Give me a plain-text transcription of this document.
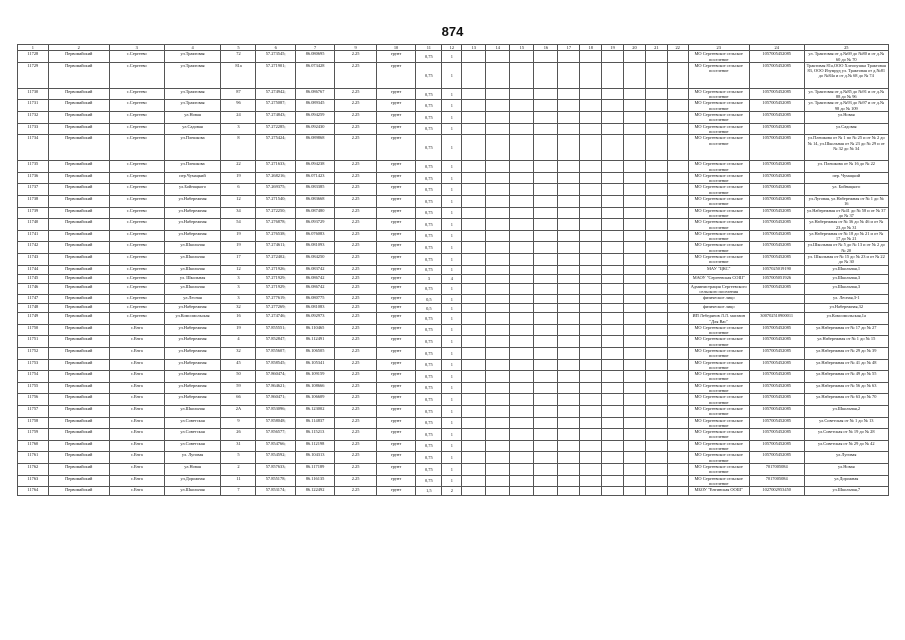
874
1	2	3	4	5	6	7	9	10	11	12	13	14	15	16	17	18	19	20	21	22	23	24	25
11728	Первомайский	с.Сергеево	ул.Трактовая	72	57.273545;	86.080695	2.25	грунт	0,75	1											МО Сергеевское сельское поселение	1057005452085	ул. Трактовая от д.№69 до №80 и от д.№ 60 до № 70
11729	Первомайский	с.Сергеево	ул.Трактовая	81а	57.271901;	86.073428	2.25	грунт	0,75	1											МО Сергеевское сельское поселение	1057005452085	Трактовая 81а,ООО Хлеопушка Трактовая 83, ООО Изумруд ул. Трактовая от д.№81 до №84а и от д.№ 68 до № 74
11730	Первомайский	с.Сергеево	ул.Трактовая	87	57.274942;	86.086767	2.25	грунт	0,75	1											МО Сергеевское сельское поселение	1057005452085	ул. Трактовая от д.№85 до №91 и от д.№ 88 до № 96
11731	Первомайский	с.Сергеево	ул.Трактовая	96	57.275087;	86.089345	2.25	грунт	0,75	1											МО Сергеевское сельское поселение	1057005452085	ул. Трактовая от д.№93 до №97 и от д.№ 98 до № 109
11732	Первомайский	с.Сергеево	ул.Новая	24	57.274843;	86.094259	2.25	грунт	0,75	1											МО Сергеевское сельское поселение	1057005452085	ул.Новая
11733	Первомайский	с.Сергеево	ул.Садовая	3	57.272285;	86.092430	2.25	грунт	0,75	1											МО Сергеевское сельское поселение	1057005452085	ул.Садовая
11734	Первомайский	с.Сергеево	ул.Плешкова	8	57.275424;	86.089868	2.25	грунт	0,75	1											МО Сергеевское сельское поселение	1057005452085	ул.Плешкова от № 1 по № 25 и от № 2 до № 14, ул.Школьная от № 23 до № 29 и от № 32 до № 34
11735	Первомайский	с.Сергеево	ул.Плешкова	22	57.271633;	86.094238	2.25	грунт	0,75	1											МО Сергеевское сельское поселение	1057005452085	ул. Плешкова от № 16 до № 22
11736	Первомайский	с.Сергеево	пер.Чумацкий	19	57.268216;	86.071423	2.25	грунт	0,75	1											МО Сергеевское сельское поселение	1057005452085	пер. Чумацкий
11737	Первомайский	с.Сергеево	ул.Бойнацкого	6	57.269375;	86.083385	2.25	грунт	0,75	1											МО Сергеевское сельское поселение	1057005452085	ул. Бойнацкого
11738	Первомайский	с.Сергеево	ул.Набережная	12	57.271540;	86.083668	2.25	грунт	0,75	1											МО Сергеевское сельское поселение	1057005452085	ул.Луговая, ул.Набережная от № 1 до № 16
11739	Первомайский	с.Сергеево	ул.Набережная	34	57.272250;	86.087480	2.25	грунт	0,75	1											МО Сергеевское сельское поселение	1057005452085	ул.Набережная от №41 до № 58 и от № 37 до № 37
11740	Первомайский	с.Сергеево	ул.Набережная	54	57.276878;	86.093729	2.25	грунт	0,75	1											МО Сергеевское сельское поселение	1057005452085	ул.Набережная от № 36 до № 46 и от № 23 до № 31
11741	Первомайский	с.Сергеево	ул.Набережная	19	57.276538;	86.076083	2.25	грунт	0,75	1											МО Сергеевское сельское поселение	1057005452085	ул.Набережная от № 18 до № 21 и от № 17 до № 21
11742	Первомайский	с.Сергеево	ул.Школьная	19	57.274611;	86.081093	2.25	грунт	0,75	1											МО Сергеевское сельское поселение	1057005452085	ул.Школьная от № 5 до № 13 и от № 2 до № 20
11743	Первомайский	с.Сергеево	ул.Школьная	17	57.272402;	86.084250	2.25	грунт	0,75	1											МО Сергеевское сельское поселение	1057005452085	ул. Школьная от № 15 до № 23 и от № 22 до № 30
11744	Первомайский	с.Сергеево	ул.Школьная	12	57.271926;	86.083742	2.25	грунт	0,75	1											МАУ "ЦКС"	1057025019190	ул.Школьная,1
11745	Первомайский	с.Сергеево	ул. Школьная	3	57.271929;	86.086742	2.25	грунт	3	4											МАОУ "Сергеевская СОШ"	1057005051926	ул.Школьная,3
11746	Первомайский	с.Сергеево	ул.Школьная	3	57.271929;	86.086742	2.25	грунт	0,75	1											Администрация Сергеевского сельского поселения	1057005452085	ул.Школьная,3
11747	Первомайский	с.Сергеево	ул.Лесная	3	57.277619;	86.080775	2.25	грунт	0,5	1											физическое лицо		ул. Лесная,3-1
11748	Первомайский	с.Сергеево	ул.Набережная	32	57.277269;	86.081083	2.25	грунт	0,5	1											физическое лицо		ул.Набережная,32
11749	Первомайский	с.Сергеево	ул.Комсомольская	16	57.274746;	86.092973	2.25	грунт	0,75	1											ИП Лебедянов Л.Л. магазин "Для Вас"	300702510900011	ул.Комсомольская,1а
11750	Первомайский	с.Енга	ул.Набережная	19	57.855551;	86.110465	2.25	грунт	0,75	1											МО Сергеевское сельское поселение	1057005452085	ул.Набережная от № 17 до № 27
11751	Первомайский	с.Енга	ул.Набережная	4	57.852847;	86.112491	2.25	грунт	0,75	1											МО Сергеевское сельское поселение	1057005452085	ул.Набережная от № 1 до № 15
11752	Первомайский	с.Енга	ул.Набережная	32	57.855607;	86.106505	2.25	грунт	0,75	1											МО Сергеевское сельское поселение	1057005452085	ул.Набережная от № 29 до № 39
11753	Первомайский	с.Енга	ул.Набережная	45	57.858545;	86.105341	2.25	грунт	0,75	1											МО Сергеевское сельское поселение	1057005452085	ул.Набережная от № 41 до № 48
11754	Первомайский	с.Енга	ул.Набережная	50	57.860474;	86.109159	2.25	грунт	0,75	1											МО Сергеевское сельское поселение	1057005452085	ул.Набережная от № 49 до № 55
11755	Первомайский	с.Енга	ул.Набережная	59	57.864621;	86.108666	2.25	грунт	0,75	1											МО Сергеевское сельское поселение	1057005452085	ул.Набережная от № 56 до № 63
11756	Первомайский	с.Енга	ул.Набережная	66	57.860471;	86.106609	2.25	грунт	0,75	1											МО Сергеевское сельское поселение	1057005452085	ул.Набережная от № 63 до № 70
11757	Первомайский	с.Енга	ул.Школьная	2А	57.853096;	86.123002	2.25	грунт	0,75	1											МО Сергеевское сельское поселение	1057005452085	ул.Школьная,2
11758	Первомайский	с.Енга	ул.Советская	9	57.858048;	86.114837	2.25	грунт	0,75	1											МО Сергеевское сельское поселение	1057005452085	ул.Советская от № 1 до № 13
11759	Первомайский	с.Енга	ул.Советская	26	57.856577;	86.115213	2.25	грунт	0,75	1											МО Сергеевское сельское поселение	1057005452085	ул.Советская от № 19 до № 28
11760	Первомайский	с.Енга	ул.Советская	31	57.854766;	86.112198	2.25	грунт	0,75	1											МО Сергеевское сельское поселение	1057005452085	ул.Советская от № 29 до № 42
11761	Первомайский	с.Енга	ул. Луговая	5	57.854592;	86.104313	2.25	грунт	0,75	1											МО Сергеевское сельское поселение	1057005452085	ул.Луговая
11762	Первомайский	с.Енга	ул.Новая	2	57.857633;	86.117189	2.25	грунт	0,75	1											МО Сергеевское сельское поселение	7017005084	ул.Новая
11763	Первомайский	с.Енга	ул.Дорожная	11	57.855178;	86.116135	2.25	грунт	0,75	1											МО Сергеевское сельское поселение	7017005084	ул.Дорожная
11764	Первомайский	с.Енга	ул.Школьная	7	57.853174;	86.122492	2.25	грунт	1,5	2											МБОУ "Енгинская ООШ"	1027002953450	ул.Школьная,7
